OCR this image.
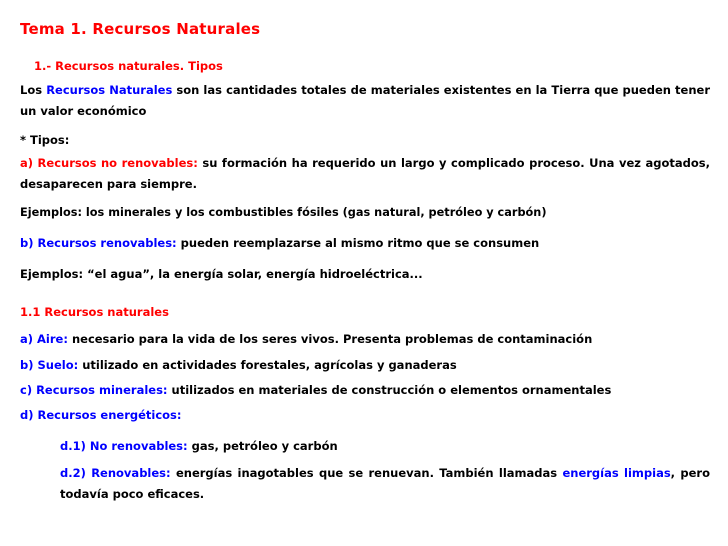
Tema 1. Recursos Naturales
1.- Recursos naturales. Tipos
Los Recursos Naturales son las cantidades totales de materiales existentes en la Tierra que pueden tener un valor económico
* Tipos:
a) Recursos no renovables: su formación ha requerido un largo y complicado proceso. Una vez agotados, desaparecen para siempre.
Ejemplos: los minerales y los combustibles fósiles (gas natural, petróleo y carbón)
b) Recursos renovables: pueden reemplazarse al mismo ritmo que se consumen
Ejemplos: “el agua”, la energía solar, energía hidroeléctrica...
1.1 Recursos naturales
a) Aire: necesario para la vida de los seres vivos. Presenta problemas de contaminación
b) Suelo: utilizado en actividades forestales, agrícolas y ganaderas
c) Recursos minerales: utilizados en materiales de construcción o elementos ornamentales
d) Recursos energéticos:
d.1) No renovables: gas, petróleo y carbón
d.2) Renovables: energías inagotables que se renuevan. También llamadas energías limpias, pero todavía poco eficaces.
